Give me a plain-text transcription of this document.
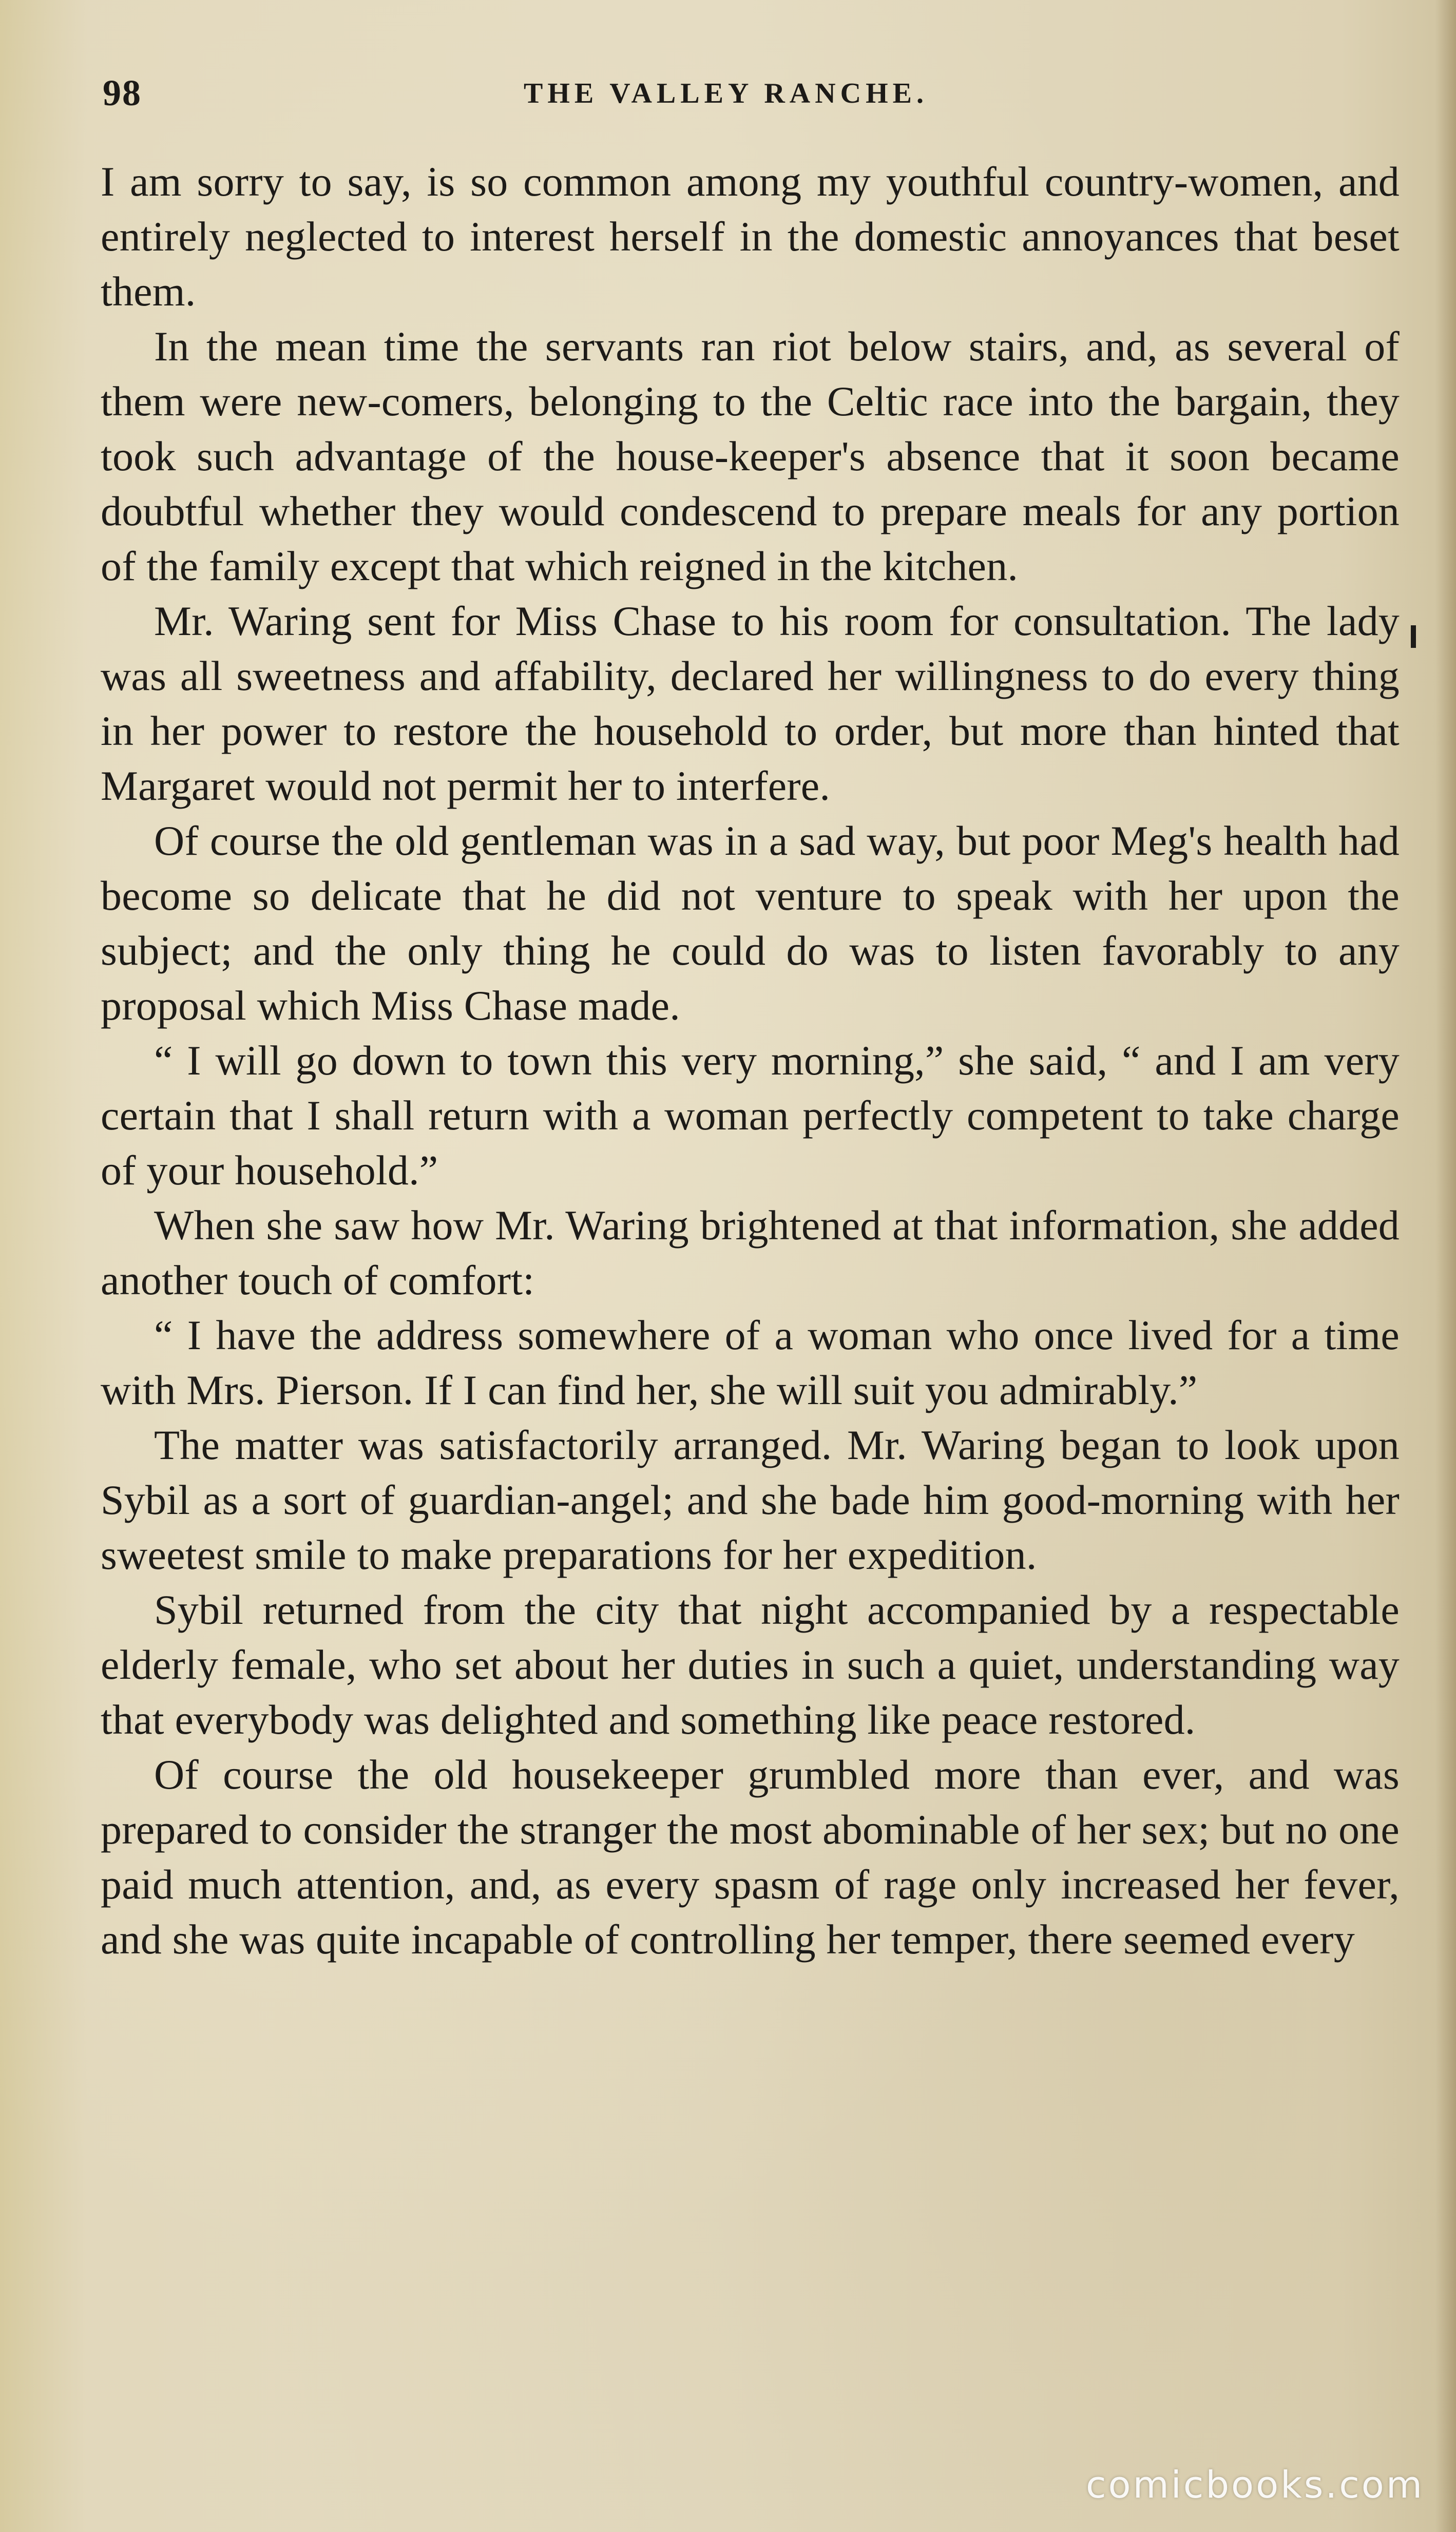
98	THE VALLEY RANCHE.

I am sorry to say, is so common among my youthful country-women, and entirely neglected to interest herself in the domestic annoyances that beset them.

In the mean time the servants ran riot below stairs, and, as several of them were new-comers, belonging to the Celtic race into the bargain, they took such advantage of the house-keeper's absence that it soon became doubtful whether they would condescend to prepare meals for any portion of the family except that which reigned in the kitchen.

Mr. Waring sent for Miss Chase to his room for consultation. The lady was all sweetness and affability, declared her willingness to do every thing in her power to restore the household to order, but more than hinted that Margaret would not permit her to interfere.

Of course the old gentleman was in a sad way, but poor Meg's health had become so delicate that he did not venture to speak with her upon the subject; and the only thing he could do was to listen favorably to any proposal which Miss Chase made.

“ I will go down to town this very morning,” she said, “ and I am very certain that I shall return with a woman perfectly competent to take charge of your household.”

When she saw how Mr. Waring brightened at that information, she added another touch of comfort:

“ I have the address somewhere of a woman who once lived for a time with Mrs. Pierson. If I can find her, she will suit you admirably.”

The matter was satisfactorily arranged. Mr. Waring began to look upon Sybil as a sort of guardian-angel; and she bade him good-morning with her sweetest smile to make preparations for her expedition.

Sybil returned from the city that night accompanied by a respectable elderly female, who set about her duties in such a quiet, understanding way that everybody was delighted and something like peace restored.

Of course the old housekeeper grumbled more than ever, and was prepared to consider the stranger the most abominable of her sex; but no one paid much attention, and, as every spasm of rage only increased her fever, and she was quite incapable of controlling her temper, there seemed every

comicbooks.com
